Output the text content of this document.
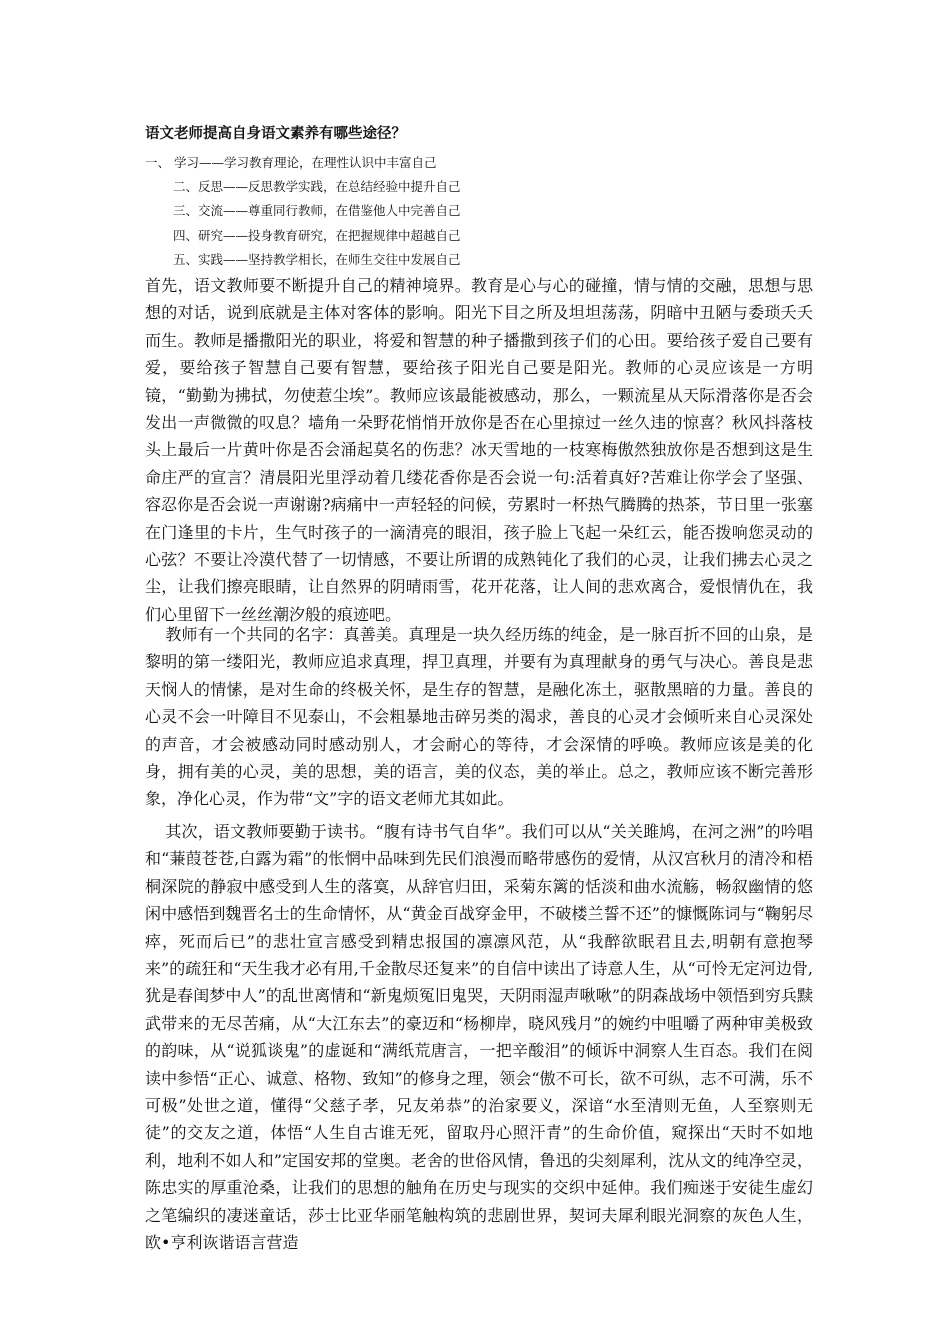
语文老师提高自身语文素养有哪些途径？
一、 学习——学习教育理论，在理性认识中丰富自己
二、反思——反思教学实践，在总结经验中提升自己
三、交流——尊重同行教师，在借鉴他人中完善自己
四、研究——投身教育研究，在把握规律中超越自己
五、实践——坚持教学相长，在师生交往中发展自己

首先，语文教师要不断提升自己的精神境界。教育是心与心的碰撞，情与情的交融，思想与思想的对话，说到底就是主体对客体的影响。阳光下目之所及坦坦荡荡，阴暗中丑陋与委琐夭夭而生。教师是播撒阳光的职业，将爱和智慧的种子播撒到孩子们的心田。要给孩子爱自己要有爱，要给孩子智慧自己要有智慧，要给孩子阳光自己要是阳光。教师的心灵应该是一方明镜，“勤勤为拂拭，勿使惹尘埃”。教师应该最能被感动，那么，一颗流星从天际滑落你是否会发出一声微微的叹息？墙角一朵野花悄悄开放你是否在心里掠过一丝久违的惊喜？秋风抖落枝头上最后一片黄叶你是否会涌起莫名的伤悲？冰天雪地的一枝寒梅傲然独放你是否想到这是生命庄严的宣言？清晨阳光里浮动着几缕花香你是否会说一句:活着真好?苦难让你学会了坚强、容忍你是否会说一声谢谢?病痛中一声轻轻的问候，劳累时一杯热气腾腾的热茶，节日里一张塞在门逢里的卡片，生气时孩子的一滴清亮的眼泪，孩子脸上飞起一朵红云，能否拨响您灵动的心弦？不要让冷漠代替了一切情感，不要让所谓的成熟钝化了我们的心灵，让我们拂去心灵之尘，让我们擦亮眼睛，让自然界的阴晴雨雪，花开花落，让人间的悲欢离合，爱恨情仇在，我们心里留下一丝丝潮汐般的痕迹吧。

教师有一个共同的名字：真善美。真理是一块久经历练的纯金，是一脉百折不回的山泉，是黎明的第一缕阳光，教师应追求真理，捍卫真理，并要有为真理献身的勇气与决心。善良是悲天悯人的情愫，是对生命的终极关怀，是生存的智慧，是融化冻土，驱散黑暗的力量。善良的心灵不会一叶障目不见泰山，不会粗暴地击碎另类的渴求，善良的心灵才会倾听来自心灵深处的声音，才会被感动同时感动别人，才会耐心的等待，才会深情的呼唤。教师应该是美的化身，拥有美的心灵，美的思想，美的语言，美的仪态，美的举止。总之，教师应该不断完善形象，净化心灵，作为带“文”字的语文老师尤其如此。

其次，语文教师要勤于读书。“腹有诗书气自华”。我们可以从“关关雎鸠，在河之洲”的吟唱和“蒹葭苍苍,白露为霜”的怅惘中品味到先民们浪漫而略带感伤的爱情，从汉宫秋月的清冷和梧桐深院的静寂中感受到人生的落寞，从辞官归田，采菊东篱的恬淡和曲水流觞，畅叙幽情的悠闲中感悟到魏晋名士的生命情怀，从“黄金百战穿金甲，不破楼兰誓不还”的慷慨陈词与“鞠躬尽瘁，死而后已”的悲壮宣言感受到精忠报国的凛凛风范，从“我醉欲眠君且去,明朝有意抱琴来”的疏狂和“天生我才必有用,千金散尽还复来”的自信中读出了诗意人生，从“可怜无定河边骨,犹是春闺梦中人”的乱世离情和“新鬼烦冤旧鬼哭，天阴雨湿声啾啾”的阴森战场中领悟到穷兵黩武带来的无尽苦痛，从“大江东去”的豪迈和“杨柳岸，晓风残月”的婉约中咀嚼了两种审美极致的韵味，从“说狐谈鬼”的虚诞和“满纸荒唐言，一把辛酸泪”的倾诉中洞察人生百态。我们在阅读中参悟“正心、诚意、格物、致知”的修身之理，领会“傲不可长，欲不可纵，志不可满，乐不可极”处世之道，懂得“父慈子孝，兄友弟恭”的治家要义，深谙“水至清则无鱼，人至察则无徒”的交友之道，体悟“人生自古谁无死，留取丹心照汗青”的生命价值，窥探出“天时不如地利，地利不如人和”定国安邦的堂奥。老舍的世俗风情，鲁迅的尖刻犀利，沈从文的纯净空灵，陈忠实的厚重沧桑，让我们的思想的触角在历史与现实的交织中延伸。我们痴迷于安徒生虚幻之笔编织的凄迷童话，莎士比亚华丽笔触构筑的悲剧世界，契诃夫犀利眼光洞察的灰色人生，欧•亨利诙谐语言营造
